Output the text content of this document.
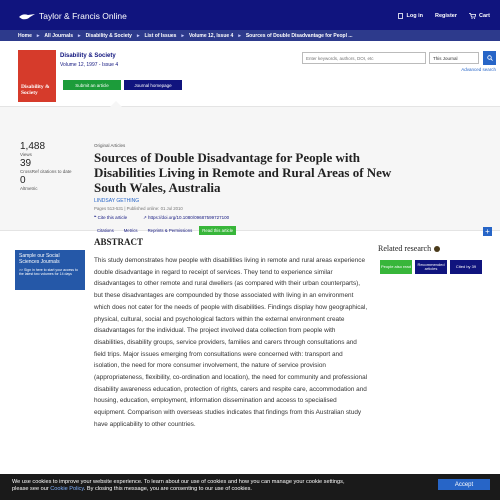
Taylor & Francis Online	Log in Register	Cart
Home ▸ All Journals ▸ Disability & Society ▸ List of Issues ▸ Volume 12, Issue 4 ▸ Sources of Double Disadvantage for Peopl ...
Disability & Society
Disability & Society
Volume 12, 1997 - Issue 4
Submit an article	Journal homepage
Enter keywords, authors, DOI, etc
This Journal
Advanced search
1,488
Views
39
CrossRef citations to date
0
Altmetric
Original Articles
Sources of Double Disadvantage for People with Disabilities Living in Remote and Rural Areas of New South Wales, Australia
LINDSAY GETHING
Pages 513-531 | Published online: 01 Jul 2010
❝ Cite this article	↗ https://doi.org/10.1080/09687599727100
Citations	Metrics	Reprints & Permissions	Read this article	+
ABSTRACT
This study demonstrates how people with disabilities living in remote and rural areas experience double disadvantage in regard to receipt of services. They tend to experience similar disadvantages to other remote and rural dwellers (as compared with their urban counterparts), but these disadvantages are compounded by those associated with living in an environment which does not cater for the needs of people with disabilities. Findings display how geographical, physical, cultural, social and psychological factors within the external environment create disadvantages for the individual. The project involved data collection from people with disabilities, disability groups, service providers, families and carers through consultations and field trips. Major issues emerging from consultations were concerned with: transport and isolation, the need for more consumer involvement, the nature of service provision (appropriateness, flexibility, co-ordination and location), the need for community and professional disability awareness education, protection of rights, carers and respite care, accommodation and housing, education, employment, information dissemination and access to specialised equipment. Comparison with overseas studies indicates that findings from this Australian study have applicability to other countries.
Sample our Social Sciences Journals
>> Sign in here to start your access to the latest two volumes for 14 days
Related research
People also read	Recommended articles	Cited by 39
We use cookies to improve your website experience. To learn about our use of cookies and how you can manage your cookie settings,
please see our Cookie Policy. By closing this message, you are consenting to our use of cookies.
Accept
